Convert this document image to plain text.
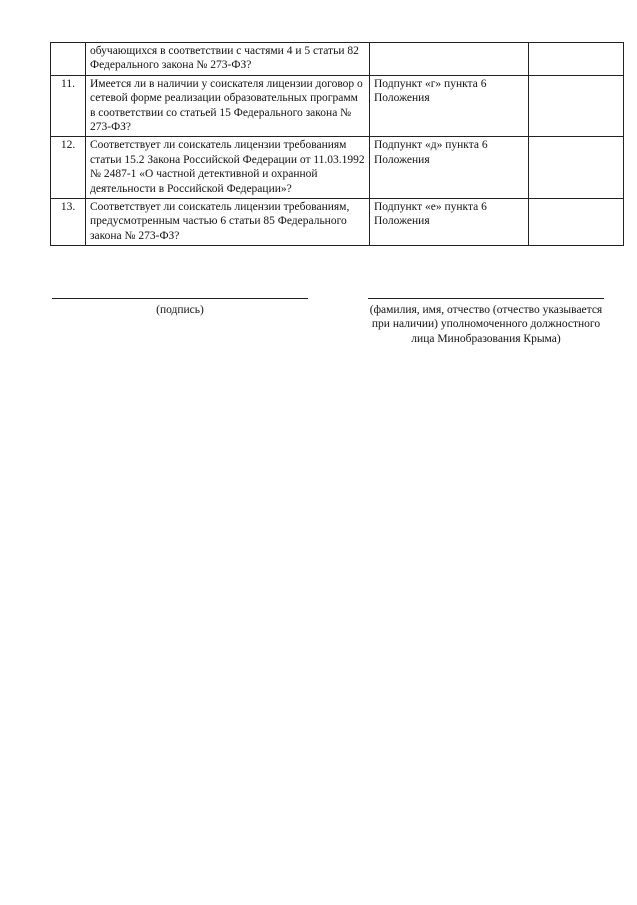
	обучающихся в соответствии с частями 4 и 5 статьи 82 Федерального закона № 273-ФЗ?		
11.	Имеется ли в наличии у соискателя лицензии договор о сетевой форме реализации образовательных программ в соответствии со статьей 15 Федерального закона № 273-ФЗ?	Подпункт «г» пункта 6 Положения	
12.	Соответствует ли соискатель лицензии требованиям статьи 15.2 Закона Российской Федерации от 11.03.1992 № 2487-1 «О частной детективной и охранной деятельности в Российской Федерации»?	Подпункт «д» пункта 6 Положения	
13.	Соответствует ли соискатель лицензии требованиям, предусмотренным частью 6 статьи 85 Федерального закона № 273-ФЗ?	Подпункт «е» пункта 6 Положения	
(подпись)	(фамилия, имя, отчество (отчество указывается при наличии) уполномоченного должностного лица Минобразования Крыма)
